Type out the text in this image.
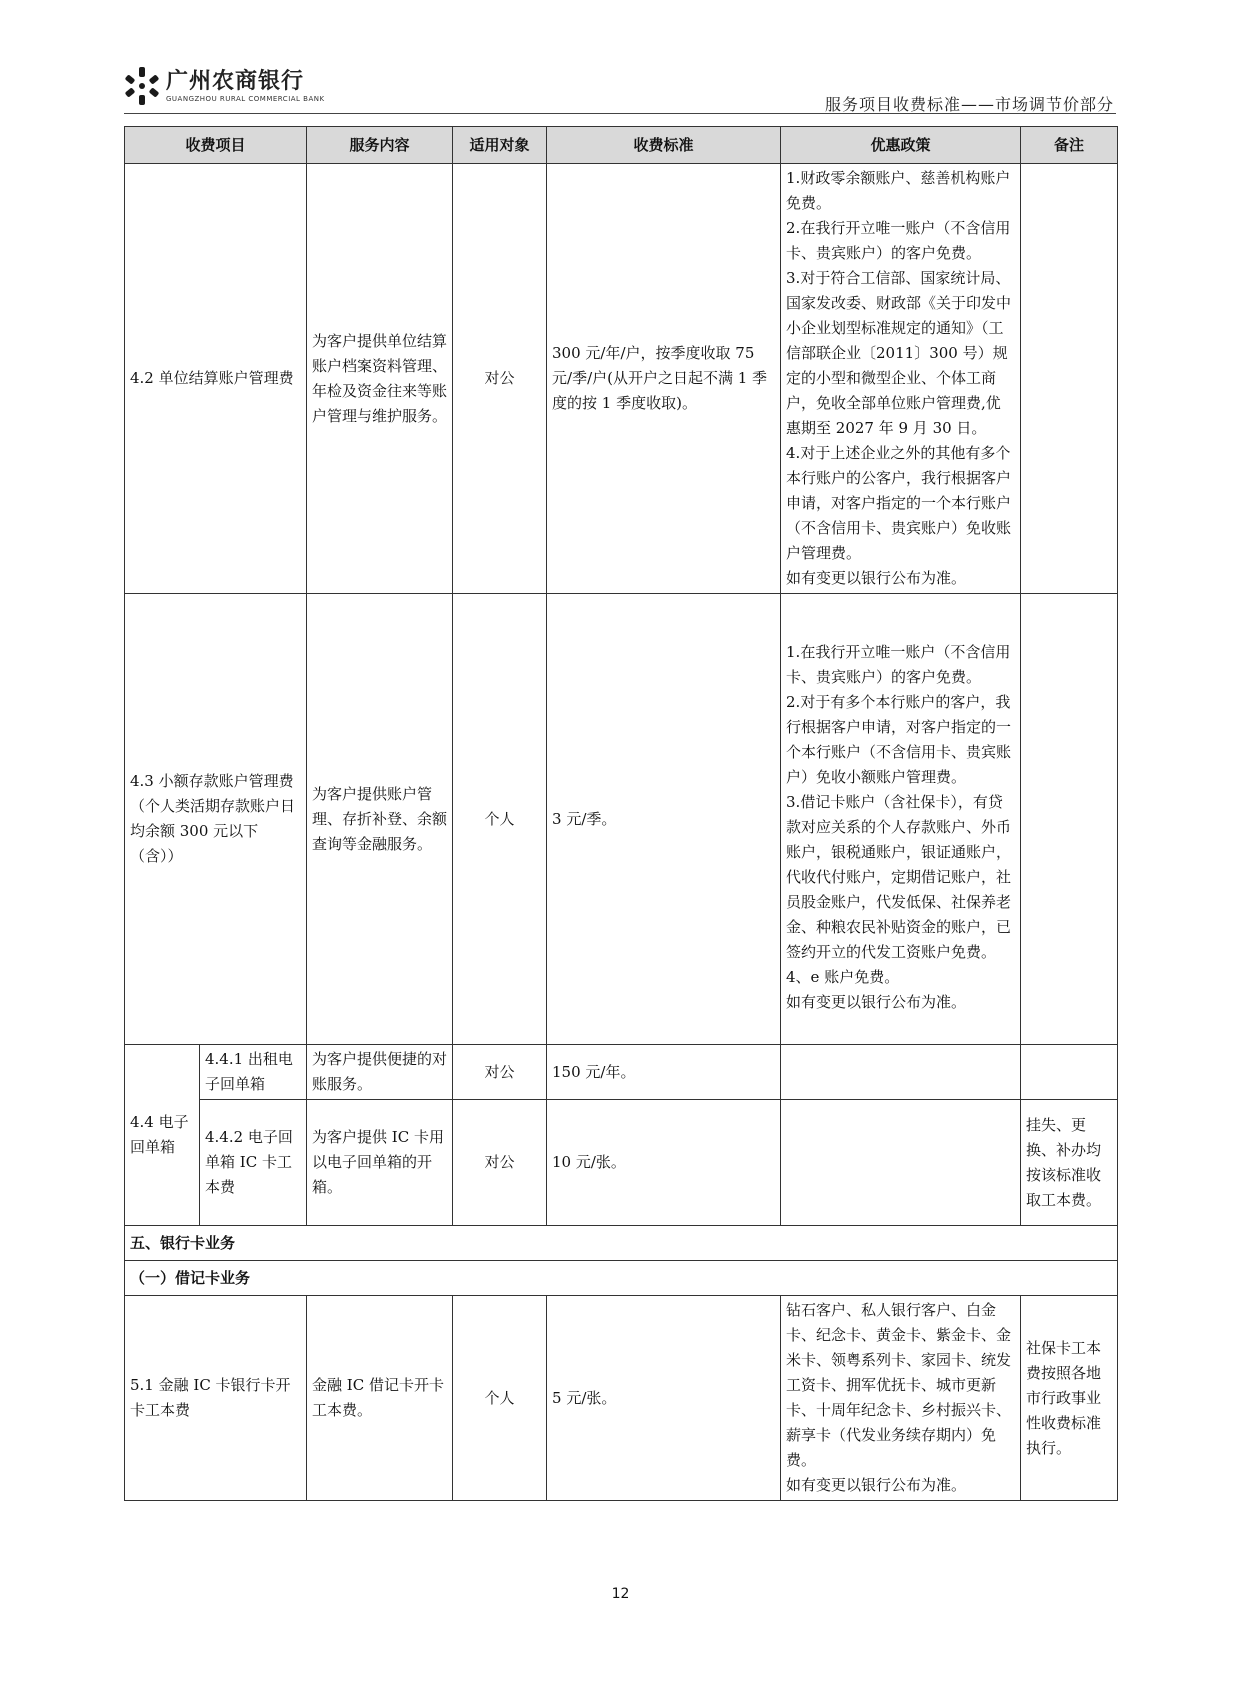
广州农商银行
GUANGZHOU RURAL COMMERCIAL BANK	服务项目收费标准——市场调节价部分
收费项目		服务内容	适用对象	收费标准	优惠政策	备注
4.2 单位结算账户管理费		为客户提供单位结算账户档案资料管理、年检及资金往来等账户管理与维护服务。	对公	300 元/年/户，按季度收取 75 元/季/户(从开户之日起不满 1 季度的按 1 季度收取)。	1.财政零余额账户、慈善机构账户免费。
2.在我行开立唯一账户（不含信用卡、贵宾账户）的客户免费。
3.对于符合工信部、国家统计局、国家发改委、财政部《关于印发中小企业划型标准规定的通知》（工信部联企业〔2011〕300 号）规定的小型和微型企业、个体工商户，免收全部单位账户管理费,优惠期至 2027 年 9 月 30 日。
4.对于上述企业之外的其他有多个本行账户的公客户，我行根据客户申请，对客户指定的一个本行账户（不含信用卡、贵宾账户）免收账户管理费。
如有变更以银行公布为准。	
4.3 小额存款账户管理费（个人类活期存款账户日均余额 300 元以下（含））		为客户提供账户管理、存折补登、余额查询等金融服务。	个人	3 元/季。	1.在我行开立唯一账户（不含信用卡、贵宾账户）的客户免费。
2.对于有多个本行账户的客户，我行根据客户申请，对客户指定的一个本行账户（不含信用卡、贵宾账户）免收小额账户管理费。
3.借记卡账户（含社保卡），有贷款对应关系的个人存款账户、外币账户，银税通账户，银证通账户，代收代付账户，定期借记账户，社员股金账户，代发低保、社保养老金、种粮农民补贴资金的账户，已签约开立的代发工资账户免费。
4、e 账户免费。
如有变更以银行公布为准。	
4.4 电子回单箱	4.4.1 出租电子回单箱	为客户提供便捷的对账服务。	对公	150 元/年。		
	4.4.2 电子回单箱 IC 卡工本费	为客户提供 IC 卡用以电子回单箱的开箱。	对公	10 元/张。		挂失、更换、补办均按该标准收取工本费。
五、银行卡业务						
（一）借记卡业务						
5.1 金融 IC 卡银行卡开卡工本费		金融 IC 借记卡开卡工本费。	个人	5 元/张。	钻石客户、私人银行客户、白金卡、纪念卡、黄金卡、紫金卡、金米卡、领粤系列卡、家园卡、统发工资卡、拥军优抚卡、城市更新卡、十周年纪念卡、乡村振兴卡、薪享卡（代发业务续存期内）免费。
如有变更以银行公布为准。	社保卡工本费按照各地市行政事业性收费标准执行。
12
